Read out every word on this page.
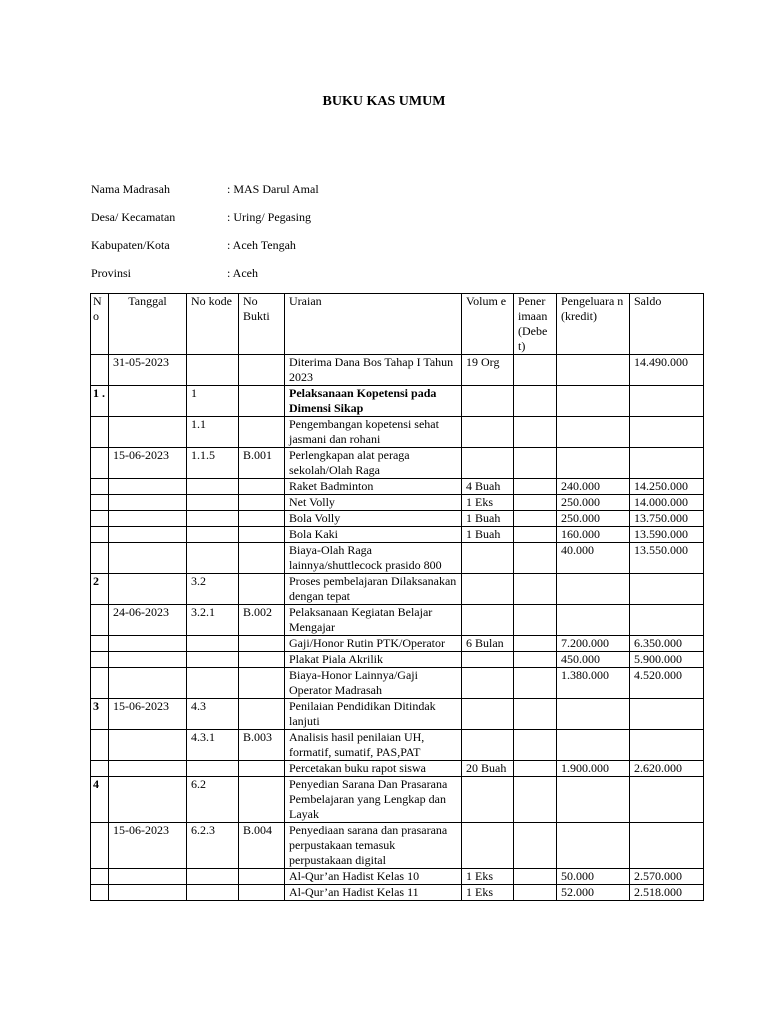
BUKU KAS UMUM
Nama Madrasah	: MAS Darul Amal
Desa/ Kecamatan	: Uring/ Pegasing
Kabupaten/Kota	: Aceh Tengah
Provinsi	: Aceh
N o	Tanggal	No kode	No Bukti	Uraian	Volum e	Pener imaan (Debe t)	Pengeluara n (kredit)	Saldo
	31-05-2023			Diterima Dana Bos Tahap I Tahun 2023	19 Org			14.490.000
1 .		1		Pelaksanaan Kopetensi pada Dimensi Sikap				
		1.1		Pengembangan kopetensi sehat jasmani dan rohani				
	15-06-2023	1.1.5	B.001	Perlengkapan alat peraga sekolah/Olah Raga				
				Raket Badminton	4 Buah		240.000	14.250.000
				Net Volly	1 Eks		250.000	14.000.000
				Bola Volly	1 Buah		250.000	13.750.000
				Bola Kaki	1 Buah		160.000	13.590.000
				Biaya-Olah Raga lainnya/shuttlecock prasido 800			40.000	13.550.000
2		3.2		Proses pembelajaran Dilaksanakan dengan tepat				
	24-06-2023	3.2.1	B.002	Pelaksanaan Kegiatan Belajar Mengajar				
				Gaji/Honor Rutin PTK/Operator	6 Bulan		7.200.000	6.350.000
				Plakat Piala Akrilik			450.000	5.900.000
				Biaya-Honor Lainnya/Gaji Operator Madrasah			1.380.000	4.520.000
3	15-06-2023	4.3		Penilaian Pendidikan Ditindak lanjuti				
		4.3.1	B.003	Analisis hasil penilaian UH, formatif, sumatif, PAS,PAT				
				Percetakan buku rapot siswa	20 Buah		1.900.000	2.620.000
4		6.2		Penyedian Sarana Dan Prasarana Pembelajaran yang Lengkap dan Layak				
	15-06-2023	6.2.3	B.004	Penyediaan sarana dan prasarana perpustakaan temasuk perpustakaan digital				
				Al-Qur’an Hadist Kelas 10	1 Eks		50.000	2.570.000
				Al-Qur’an Hadist Kelas 11	1 Eks		52.000	2.518.000
